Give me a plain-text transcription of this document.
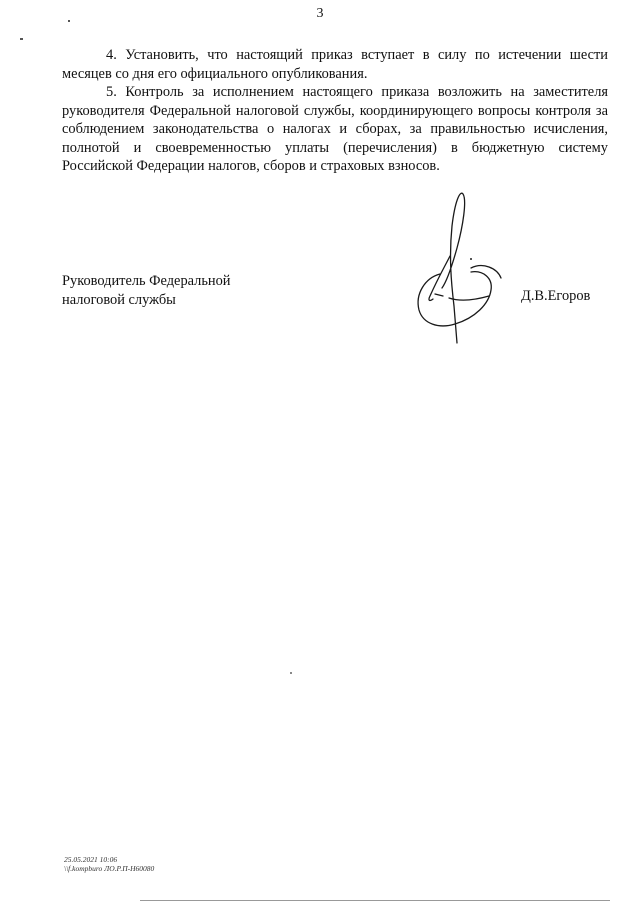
3

4. Установить, что настоящий приказ вступает в силу по истечении шести месяцев со дня его официального опубликования.

5. Контроль за исполнением настоящего приказа возложить на заместителя руководителя Федеральной налоговой службы, координирующего вопросы контроля за соблюдением законодательства о налогах и сборах, за правильностью исчисления, полнотой и своевременностью уплаты (перечисления) в бюджетную систему Российской Федерации налогов, сборов и страховых взносов.

Руководитель Федеральной
налоговой службы	Д.В.Егоров
25.05.2021 10:06
\\f.kompburo ЛО.Р.П-Н60080
